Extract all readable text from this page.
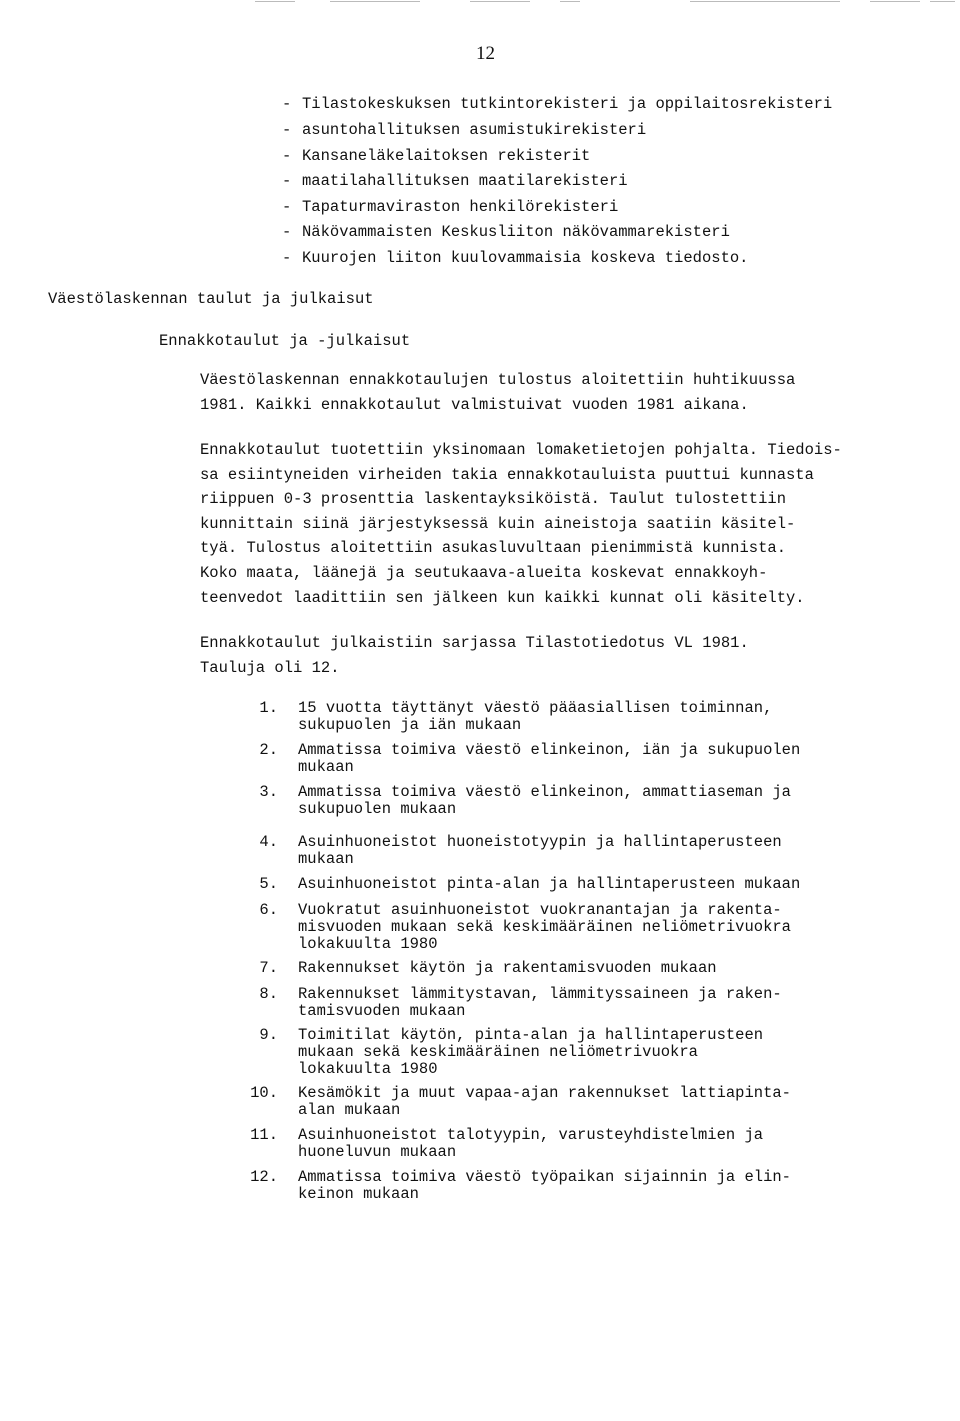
12
- Tilastokeskuksen tutkintorekisteri ja oppilaitosrekisteri
- asuntohallituksen asumistukirekisteri
- Kansaneläkelaitoksen rekisterit
- maatilahallituksen maatilarekisteri
- Tapaturmaviraston henkilörekisteri
- Näkövammaisten Keskusliiton näkövammarekisteri
- Kuurojen liiton kuulovammaisia koskeva tiedosto.
Väestölaskennan taulut ja julkaisut
Ennakkotaulut ja -julkaisut
Väestölaskennan ennakkotaulujen tulostus aloitettiin huhtikuussa
1981. Kaikki ennakkotaulut valmistuivat vuoden 1981 aikana.
Ennakkotaulut tuotettiin yksinomaan lomaketietojen pohjalta. Tiedois-
sa esiintyneiden virheiden takia ennakkotauluista puuttui kunnasta
riippuen 0-3 prosenttia laskentayksiköistä. Taulut tulostettiin
kunnittain siinä järjestyksessä kuin aineistoja saatiin käsitel-
tyä. Tulostus aloitettiin asukasluvultaan pienimmistä kunnista.
Koko maata, läänejä ja seutukaava-alueita koskevat ennakkoyh-
teenvedot laadittiin sen jälkeen kun kaikki kunnat oli käsitelty.
Ennakkotaulut julkaistiin sarjassa Tilastotiedotus VL 1981.
Tauluja oli 12.
1. 15 vuotta täyttänyt väestö pääasiallisen toiminnan,
sukupuolen ja iän mukaan
2. Ammatissa toimiva väestö elinkeinon, iän ja sukupuolen
mukaan
3. Ammatissa toimiva väestö elinkeinon, ammattiaseman ja
sukupuolen mukaan
4. Asuinhuoneistot huoneistotyypin ja hallintaperusteen
mukaan
5. Asuinhuoneistot pinta-alan ja hallintaperusteen mukaan
6. Vuokratut asuinhuoneistot vuokranantajan ja rakenta-
misvuoden mukaan sekä keskimääräinen neliömetrivuokra
lokakuulta 1980
7. Rakennukset käytön ja rakentamisvuoden mukaan
8. Rakennukset lämmitystavan, lämmityssaineen ja raken-
tamisvuoden mukaan
9. Toimitilat käytön, pinta-alan ja hallintaperusteen
mukaan sekä keskimääräinen neliömetrivuokra
lokakuulta 1980
10. Kesämökit ja muut vapaa-ajan rakennukset lattiapinta-
alan mukaan
11. Asuinhuoneistot talotyypin, varusteyhdistelmien ja
huoneluvun mukaan
12. Ammatissa toimiva väestö työpaikan sijainnin ja elin-
keinon mukaan
